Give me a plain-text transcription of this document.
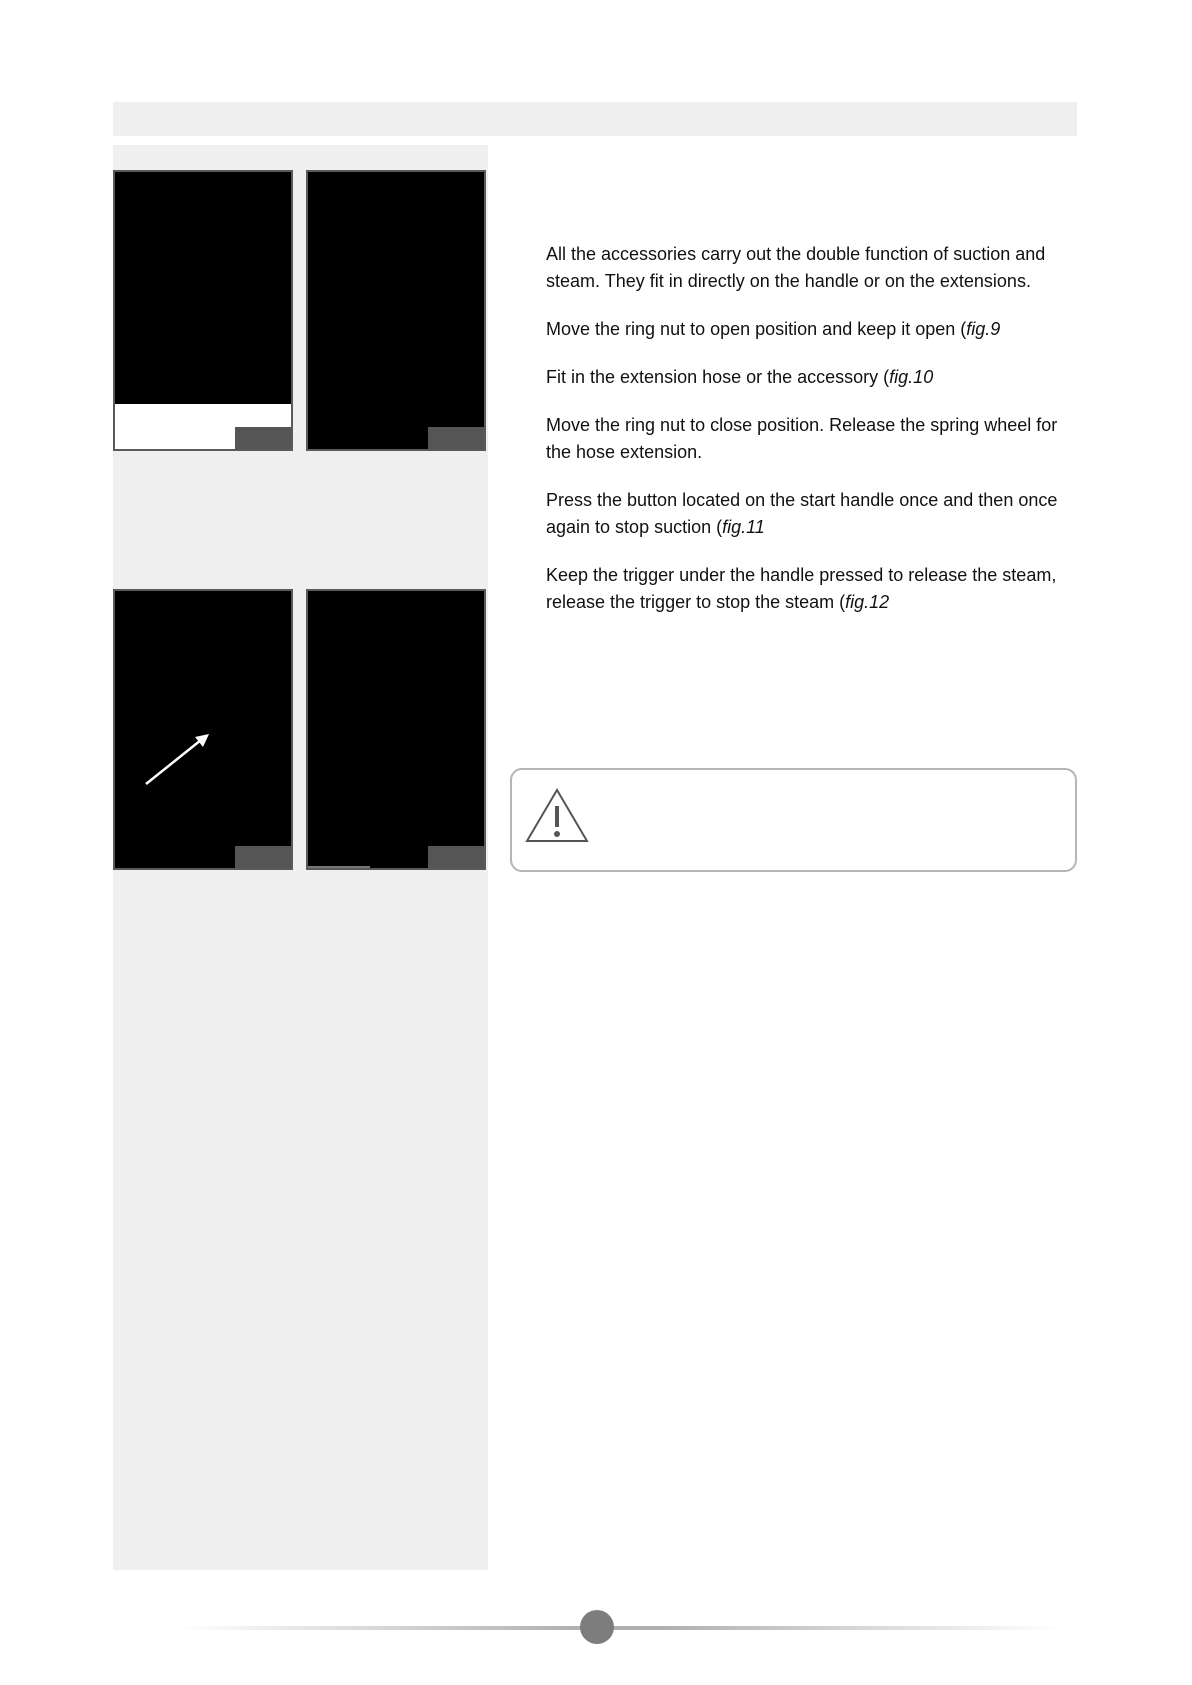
All the accessories carry out the double function of suction and steam. They fit in directly on the handle or on the extensions.

Move the ring nut to open position and keep it open (fig.9

Fit in the extension hose or the accessory (fig.10

Move the ring nut to close position. Release the spring wheel for the hose extension.

Press the button located on the start handle once and then once again to stop suction (fig.11

Keep the trigger under the handle pressed to release the steam, release the trigger to stop the steam (fig.12
